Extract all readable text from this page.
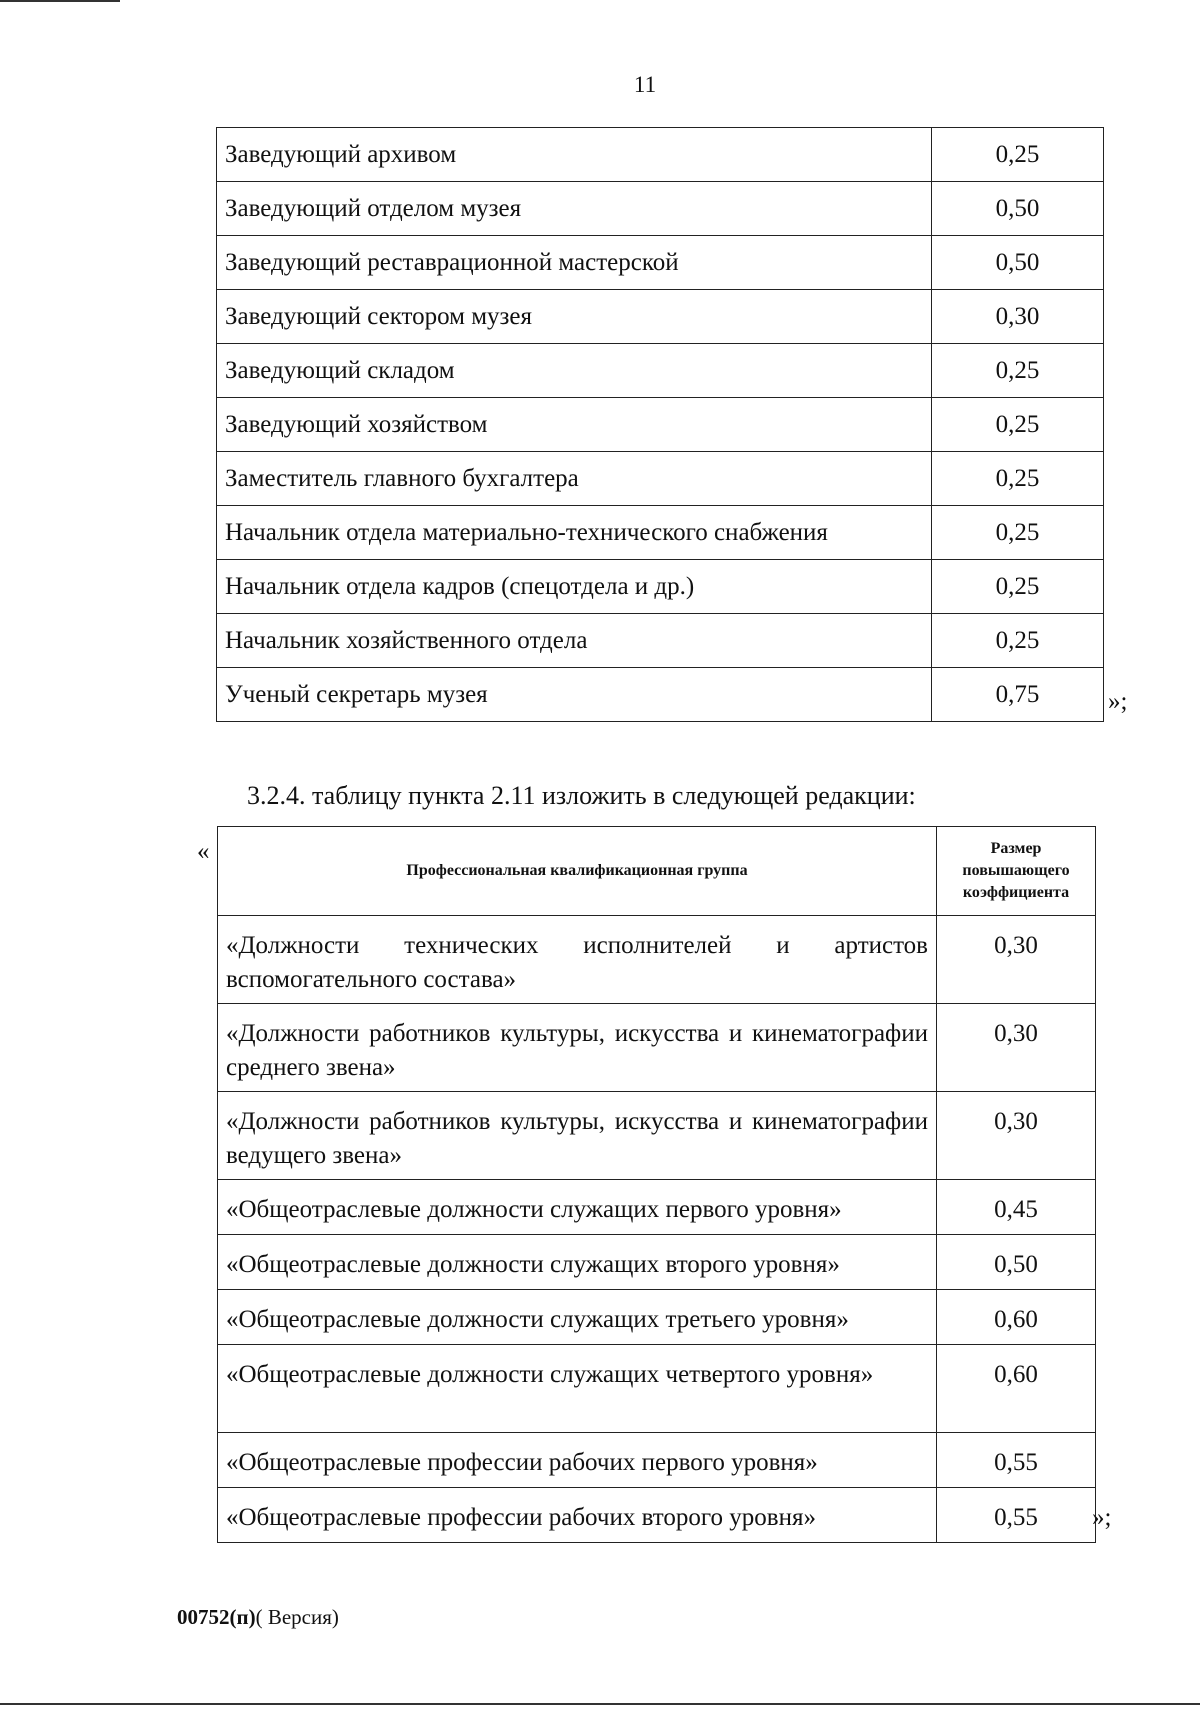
11
Заведующий архивом	0,25
Заведующий отделом музея	0,50
Заведующий реставрационной мастерской	0,50
Заведующий сектором музея	0,30
Заведующий складом	0,25
Заведующий хозяйством	0,25
Заместитель главного бухгалтера	0,25
Начальник отдела материально-технического снабжения	0,25
Начальник отдела кадров (спецотдела и др.)	0,25
Начальник хозяйственного отдела	0,25
Ученый секретарь музея	0,75	»;
3.2.4. таблицу пункта 2.11 изложить в следующей редакции:
«
Профессиональная квалификационная группа	Размер
повышающего
коэффициента
«Должности технических исполнителей и артистов вспомогательного состава»	0,30
«Должности работников культуры, искусства и кинематографии среднего звена»	0,30
«Должности работников культуры, искусства и кинематографии ведущего звена»	0,30
«Общеотраслевые должности служащих первого уровня»	0,45
«Общеотраслевые должности служащих второго уровня»	0,50
«Общеотраслевые должности служащих третьего уровня»	0,60
«Общеотраслевые должности служащих четвертого уровня»	0,60
«Общеотраслевые профессии рабочих первого уровня»	0,55
«Общеотраслевые профессии рабочих второго уровня»	0,55 »;
00752(п)( Версия)
